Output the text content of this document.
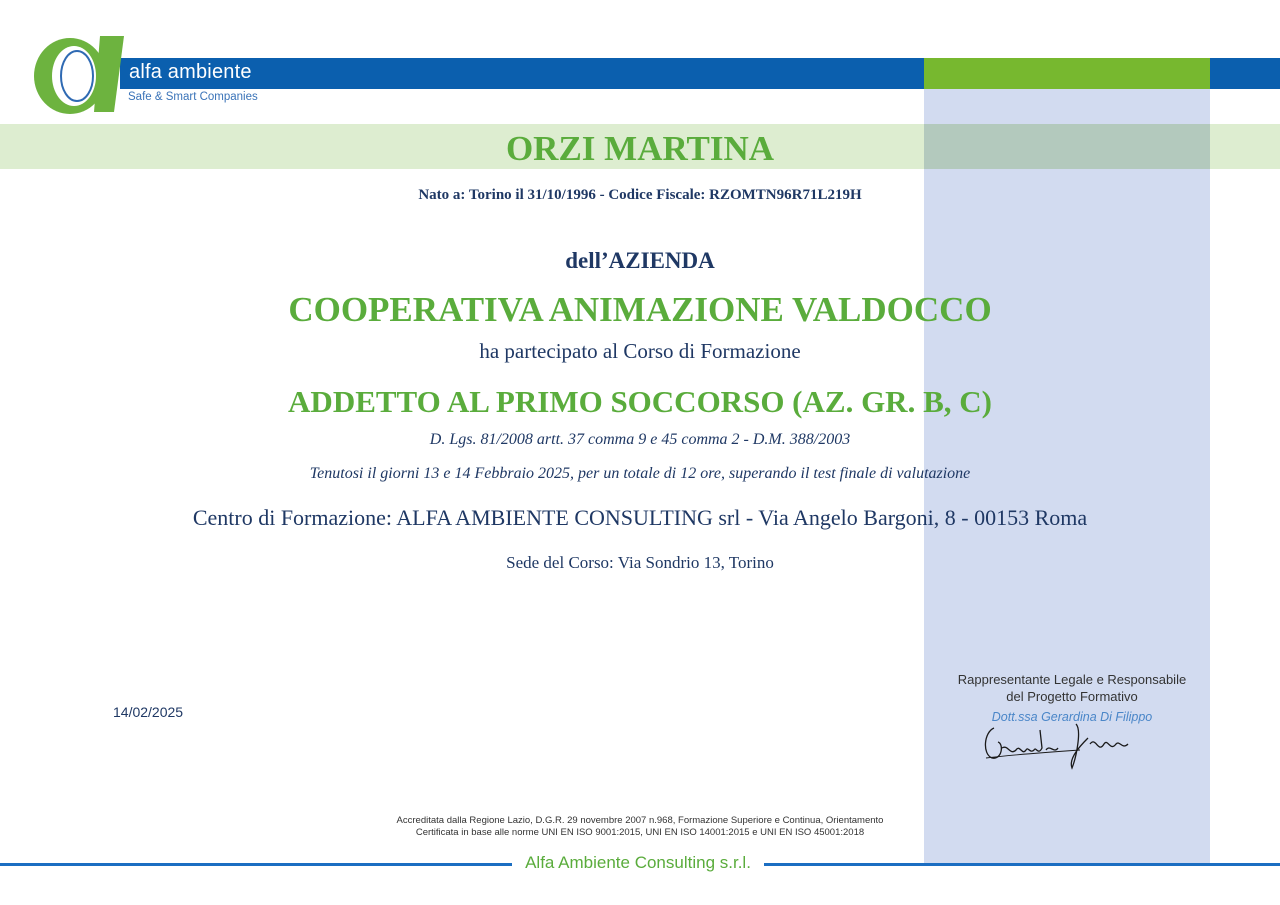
alfa ambiente
Safe & Smart Companies
ORZI MARTINA
Nato a: Torino il 31/10/1996 - Codice Fiscale: RZOMTN96R71L219H
dell’AZIENDA
COOPERATIVA ANIMAZIONE VALDOCCO
ha partecipato al Corso di Formazione
ADDETTO AL PRIMO SOCCORSO (AZ. GR. B, C)
D. Lgs. 81/2008 artt. 37 comma 9 e 45 comma 2 - D.M. 388/2003
Tenutosi il giorni 13 e 14 Febbraio 2025, per un totale di 12 ore, superando il test finale di valutazione
Centro di Formazione: ALFA AMBIENTE CONSULTING srl - Via Angelo Bargoni, 8 - 00153 Roma
Sede del Corso: Via Sondrio 13, Torino
14/02/2025
Rappresentante Legale e Responsabile
del Progetto Formativo
Dott.ssa Gerardina Di Filippo
Accreditata dalla Regione Lazio, D.G.R. 29 novembre 2007 n.968, Formazione Superiore e Continua, Orientamento
Certificata in base alle norme UNI EN ISO 9001:2015, UNI EN ISO 14001:2015 e UNI EN ISO 45001:2018
Alfa Ambiente Consulting s.r.l.
